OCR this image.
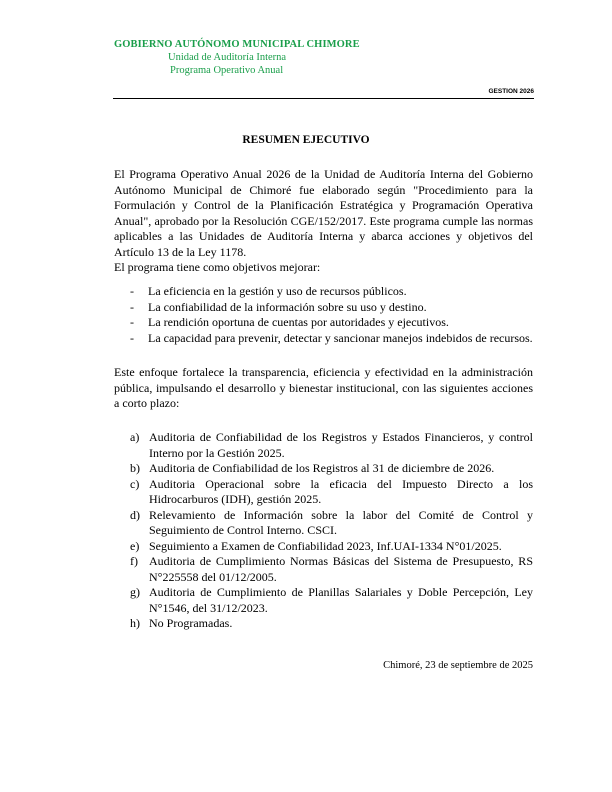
GOBIERNO AUTÓNOMO MUNICIPAL CHIMORE
Unidad de Auditoría Interna
Programa Operativo Anual
GESTION 2026
RESUMEN EJECUTIVO
El Programa Operativo Anual 2026 de la Unidad de Auditoría Interna del Gobierno Autónomo Municipal de Chimoré fue elaborado según "Procedimiento para la Formulación y Control de la Planificación Estratégica y Programación Operativa Anual", aprobado por la Resolución CGE/152/2017. Este programa cumple las normas aplicables a las Unidades de Auditoría Interna y abarca acciones y objetivos del Artículo 13 de la Ley 1178.
El programa tiene como objetivos mejorar:
- La eficiencia en la gestión y uso de recursos públicos.
- La confiabilidad de la información sobre su uso y destino.
- La rendición oportuna de cuentas por autoridades y ejecutivos.
- La capacidad para prevenir, detectar y sancionar manejos indebidos de recursos.
Este enfoque fortalece la transparencia, eficiencia y efectividad en la administración pública, impulsando el desarrollo y bienestar institucional, con las siguientes acciones a corto plazo:
a) Auditoria de Confiabilidad de los Registros y Estados Financieros, y control Interno por la Gestión 2025.
b) Auditoria de Confiabilidad de los Registros al 31 de diciembre de 2026.
c) Auditoria Operacional sobre la eficacia del Impuesto Directo a los Hidrocarburos (IDH), gestión 2025.
d) Relevamiento de Información sobre la labor del Comité de Control y Seguimiento de Control Interno. CSCI.
e) Seguimiento a Examen de Confiabilidad 2023, Inf.UAI-1334 N°01/2025.
f) Auditoria de Cumplimiento Normas Básicas del Sistema de Presupuesto, RS N°225558 del 01/12/2005.
g) Auditoria de Cumplimiento de Planillas Salariales y Doble Percepción, Ley N°1546, del 31/12/2023.
h) No Programadas.
Chimoré, 23 de septiembre de 2025
